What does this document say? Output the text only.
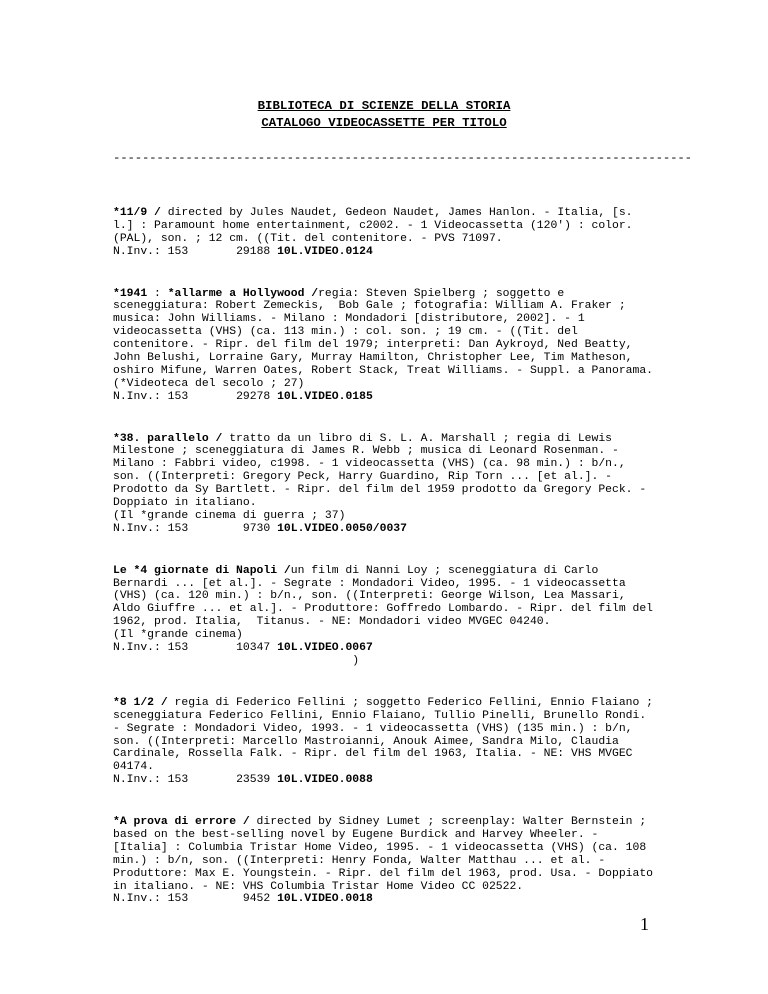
BIBLIOTECA DI SCIENZE DELLA STORIA
CATALOGO VIDEOCASSETTE PER TITOLO
--------------------------------------------------------------------------------
*11/9 / directed by Jules Naudet, Gedeon Naudet, James Hanlon. - Italia, [s.
l.] : Paramount home entertainment, c2002. - 1 Videocassetta (120') : color.
(PAL), son. ; 12 cm. ((Tit. del contenitore. - PVS 71097.
N.Inv.: 153	29188 10L.VIDEO.0124
*1941 : *allarme a Hollywood /regia: Steven Spielberg ; soggetto e
sceneggiatura: Robert Zemeckis,  Bob Gale ; fotografia: William A. Fraker ;
musica: John Williams. - Milano : Mondadori [distributore, 2002]. - 1
videocassetta (VHS) (ca. 113 min.) : col. son. ; 19 cm. - ((Tit. del
contenitore. - Ripr. del film del 1979; interpreti: Dan Aykroyd, Ned Beatty,
John Belushi, Lorraine Gary, Murray Hamilton, Christopher Lee, Tim Matheson,
oshiro Mifune, Warren Oates, Robert Stack, Treat Williams. - Suppl. a Panorama.
(*Videoteca del secolo ; 27)
N.Inv.: 153	29278 10L.VIDEO.0185
*38. parallelo / tratto da un libro di S. L. A. Marshall ; regia di Lewis
Milestone ; sceneggiatura di James R. Webb ; musica di Leonard Rosenman. -
Milano : Fabbri video, c1998. - 1 videocassetta (VHS) (ca. 98 min.) : b/n.,
son. ((Interpreti: Gregory Peck, Harry Guardino, Rip Torn ... [et al.]. -
Prodotto da Sy Bartlett. - Ripr. del film del 1959 prodotto da Gregory Peck. -
Doppiato in italiano.
(Il *grande cinema di guerra ; 37)
N.Inv.: 153	9730 10L.VIDEO.0050/0037
Le *4 giornate di Napoli /un film di Nanni Loy ; sceneggiatura di Carlo
Bernardi ... [et al.]. - Segrate : Mondadori Video, 1995. - 1 videocassetta
(VHS) (ca. 120 min.) : b/n., son. ((Interpreti: George Wilson, Lea Massari,
Aldo Giuffre ... et al.]. - Produttore: Goffredo Lombardo. - Ripr. del film del
1962, prod. Italia,  Titanus. - NE: Mondadori video MVGEC 04240.
(Il *grande cinema)
N.Inv.: 153	10347 10L.VIDEO.0067
)
*8 1/2 / regia di Federico Fellini ; soggetto Federico Fellini, Ennio Flaiano ;
sceneggiatura Federico Fellini, Ennio Flaiano, Tullio Pinelli, Brunello Rondi.
- Segrate : Mondadori Video, 1993. - 1 videocassetta (VHS) (135 min.) : b/n,
son. ((Interpreti: Marcello Mastroianni, Anouk Aimee, Sandra Milo, Claudia
Cardinale, Rossella Falk. - Ripr. del film del 1963, Italia. - NE: VHS MVGEC
04174.
N.Inv.: 153	23539 10L.VIDEO.0088
*A prova di errore / directed by Sidney Lumet ; screenplay: Walter Bernstein ;
based on the best-selling novel by Eugene Burdick and Harvey Wheeler. -
[Italia] : Columbia Tristar Home Video, 1995. - 1 videocassetta (VHS) (ca. 108
min.) : b/n, son. ((Interpreti: Henry Fonda, Walter Matthau ... et al. -
Produttore: Max E. Youngstein. - Ripr. del film del 1963, prod. Usa. - Doppiato
in italiano. - NE: VHS Columbia Tristar Home Video CC 02522.
N.Inv.: 153	9452 10L.VIDEO.0018
1
